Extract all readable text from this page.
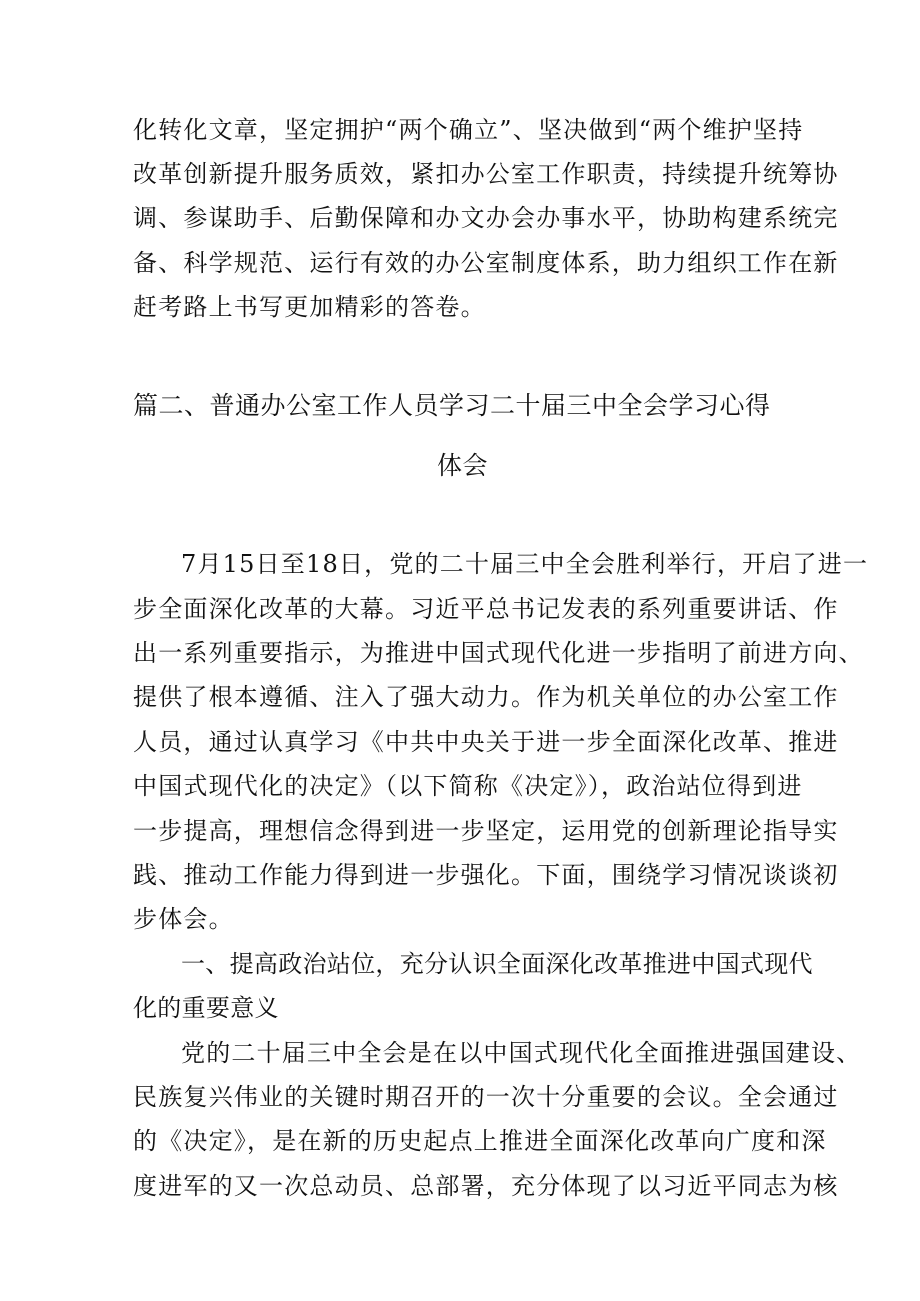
化转化文章，坚定拥护“两个确立”、坚决做到“两个维护坚持
改革创新提升服务质效，紧扣办公室工作职责，持续提升统筹协
调、参谋助手、后勤保障和办文办会办事水平，协助构建系统完
备、科学规范、运行有效的办公室制度体系，助力组织工作在新
赶考路上书写更加精彩的答卷。
篇二、普通办公室工作人员学习二十届三中全会学习心得
体会
7月15日至18日，党的二十届三中全会胜利举行，开启了进一
步全面深化改革的大幕。习近平总书记发表的系列重要讲话、作
出一系列重要指示，为推进中国式现代化进一步指明了前进方向、
提供了根本遵循、注入了强大动力。作为机关单位的办公室工作
人员，通过认真学习《中共中央关于进一步全面深化改革、推进
中国式现代化的决定》（以下简称《决定》），政治站位得到进
一步提高，理想信念得到进一步坚定，运用党的创新理论指导实
践、推动工作能力得到进一步强化。下面，围绕学习情况谈谈初
步体会。
一、提高政治站位，充分认识全面深化改革推进中国式现代
化的重要意义
党的二十届三中全会是在以中国式现代化全面推进强国建设、
民族复兴伟业的关键时期召开的一次十分重要的会议。全会通过
的《决定》，是在新的历史起点上推进全面深化改革向广度和深
度进军的又一次总动员、总部署，充分体现了以习近平同志为核
